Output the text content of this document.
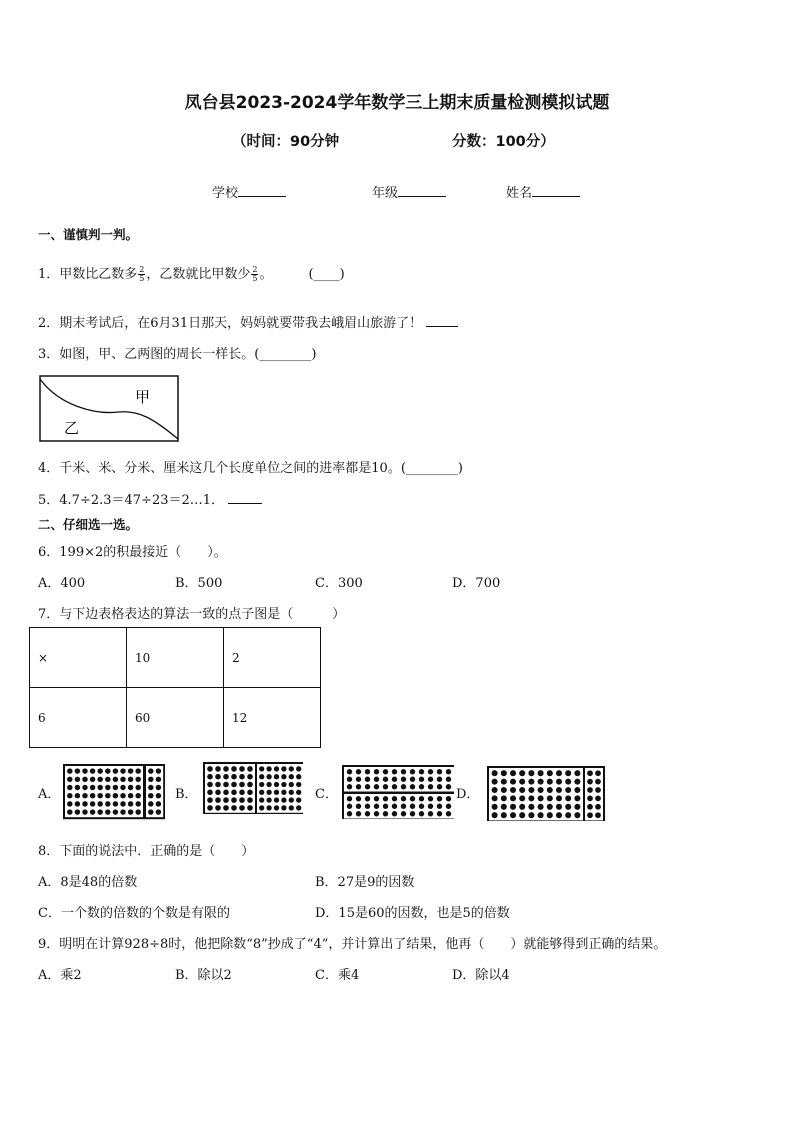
凤台县2023-2024学年数学三上期末质量检测模拟试题
（时间：90分钟	分数：100分）
学校	年级	姓名
一、谨慎判一判。
1．甲数比乙数多 $\frac{2}{5}$ ，乙数就比甲数少 $\frac{2}{5}$ 。	(____)
2．期末考试后，在6月31日那天，妈妈就要带我去峨眉山旅游了！
3．如图，甲、乙两图的周长一样长。(________)
甲
乙
4．千米、米、分米、厘米这几个长度单位之间的进率都是10。(________)
5．4.7÷2.3＝47÷23＝2…1．
二、仔细选一选。
6．199×2的积最接近（　　）。
A．400	B．500	C．300	D．700
7．与下边表格表达的算法一致的点子图是（　　　）
×	10	2
6	60	12
A．	B．	C．	D．
8．下面的说法中．正确的是（　　）
A．8是48的倍数	B．27是9的因数
C．一个数的倍数的个数是有限的	D．15是60的因数，也是5的倍数
9．明明在计算928÷8时，他把除数“8”抄成了“4”，并计算出了结果，他再（　　）就能够得到正确的结果。
A．乘2	B．除以2	C．乘4	D．除以4
